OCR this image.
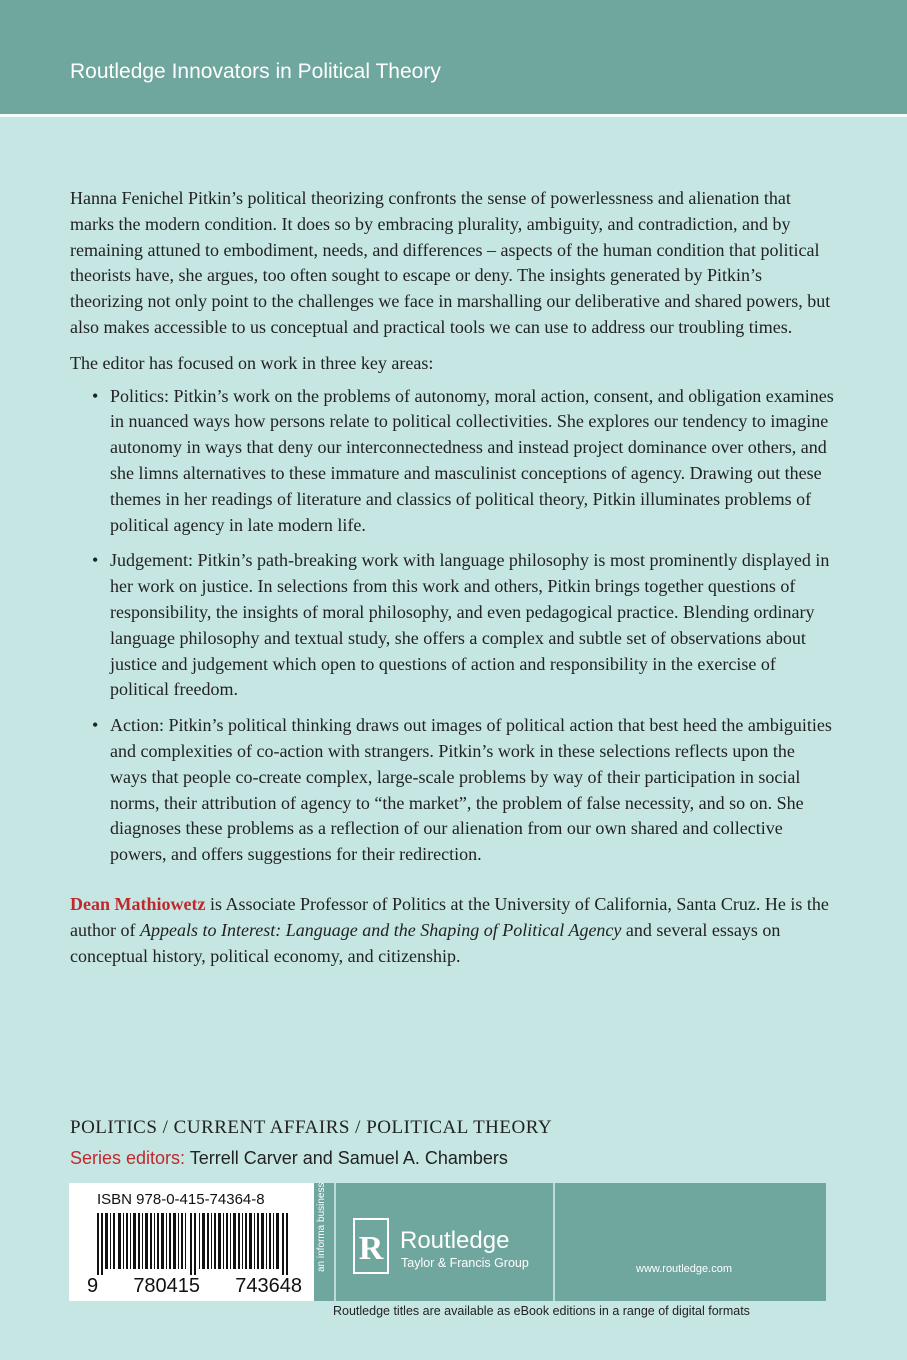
Routledge Innovators in Political Theory

Hanna Fenichel Pitkin’s political theorizing confronts the sense of powerlessness and alienation that marks the modern condition. It does so by embracing plurality, ambiguity, and contradiction, and by remaining attuned to embodiment, needs, and differences – aspects of the human condition that political theorists have, she argues, too often sought to escape or deny. The insights generated by Pitkin’s theorizing not only point to the challenges we face in marshalling our deliberative and shared powers, but also makes accessible to us conceptual and practical tools we can use to address our troubling times.

The editor has focused on work in three key areas:

• Politics: Pitkin’s work on the problems of autonomy, moral action, consent, and obligation examines in nuanced ways how persons relate to political collectivities. She explores our tendency to imagine autonomy in ways that deny our interconnectedness and instead project dominance over others, and she limns alternatives to these immature and masculinist conceptions of agency. Drawing out these themes in her readings of literature and classics of political theory, Pitkin illuminates problems of political agency in late modern life.
• Judgement: Pitkin’s path-breaking work with language philosophy is most prominently displayed in her work on justice. In selections from this work and others, Pitkin brings together questions of responsibility, the insights of moral philosophy, and even pedagogical practice. Blending ordinary language philosophy and textual study, she offers a complex and subtle set of observations about justice and judgement which open to questions of action and responsibility in the exercise of political freedom.
• Action: Pitkin’s political thinking draws out images of political action that best heed the ambiguities and complexities of co-action with strangers. Pitkin’s work in these selections reflects upon the ways that people co-create complex, large-scale problems by way of their participation in social norms, their attribution of agency to “the market”, the problem of false necessity, and so on. She diagnoses these problems as a reflection of our alienation from our own shared and collective powers, and offers suggestions for their redirection.

Dean Mathiowetz is Associate Professor of Politics at the University of California, Santa Cruz. He is the author of Appeals to Interest: Language and the Shaping of Political Agency and several essays on conceptual history, political economy, and citizenship.

POLITICS / CURRENT AFFAIRS / POLITICAL THEORY
Series editors: Terrell Carver and Samuel A. Chambers
ISBN 978-0-415-74364-8
9 780415 743648
an informa business R Routledge
Taylor & Francis Group	www.routledge.com
Routledge titles are available as eBook editions in a range of digital formats
